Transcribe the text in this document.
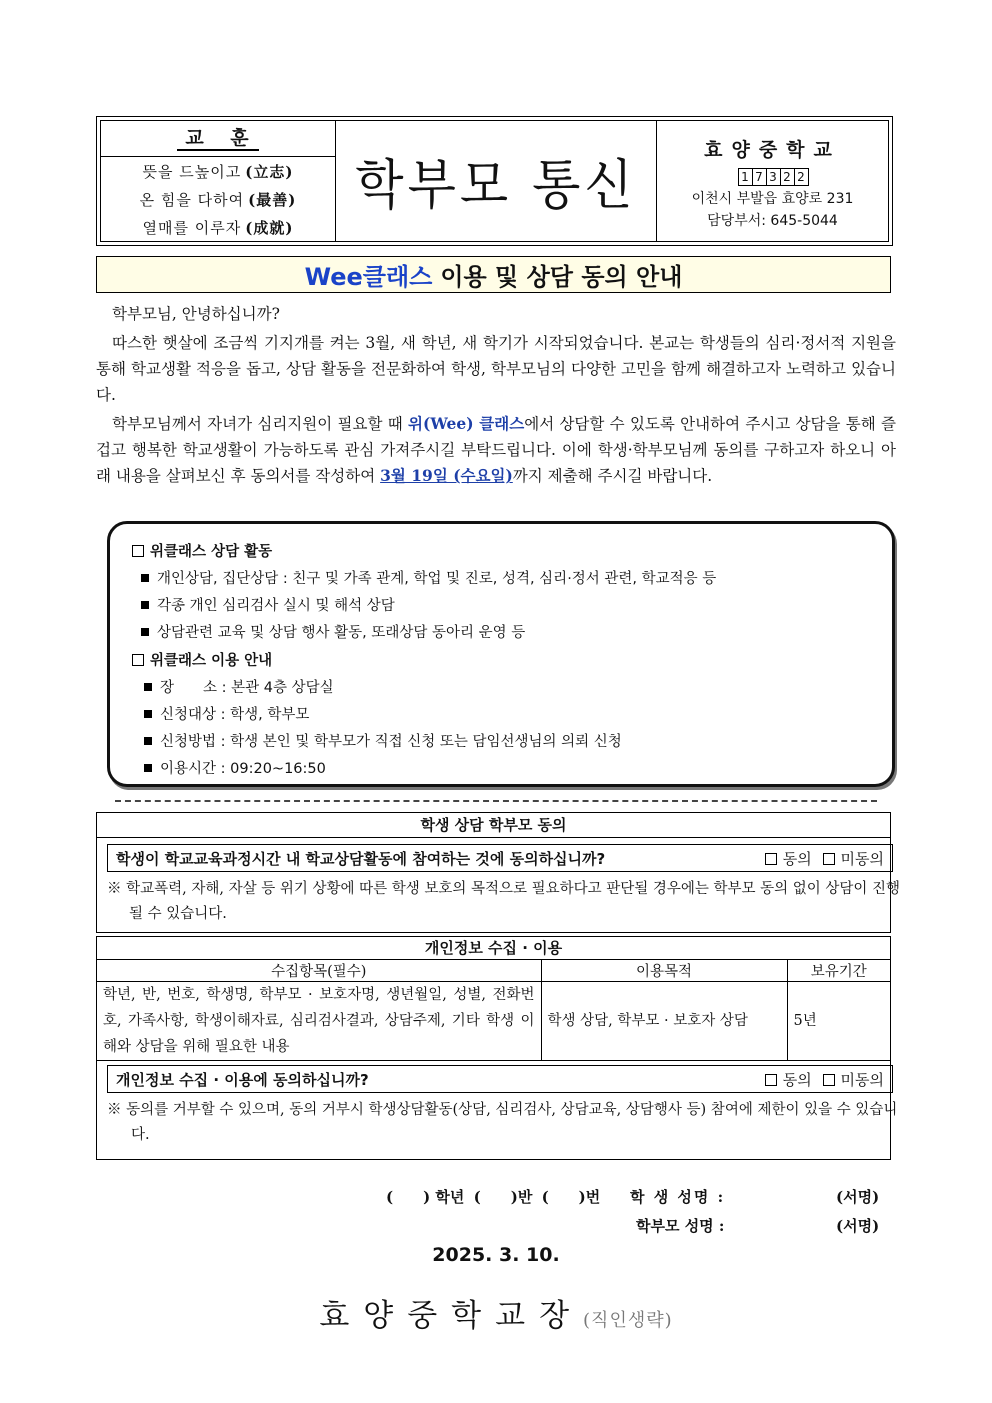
교 훈
뜻을 드높이고 (立志)
온 힘을 다하여 (最善)
열매를 이루자 (成就)
학부모 통신
효양중학교
1 7 3 2 2
이천시 부발읍 효양로 231
담당부서: 645-5044
Wee클래스 이용 및 상담 동의 안내
학부모님, 안녕하십니까?
따스한 햇살에 조금씩 기지개를 켜는 3월, 새 학년, 새 학기가 시작되었습니다. 본교는 학생들의 심리·정서적 지원을 통해 학교생활 적응을 돕고, 상담 활동을 전문화하여 학생, 학부모님의 다양한 고민을 함께 해결하고자 노력하고 있습니다.
학부모님께서 자녀가 심리지원이 필요할 때 위(Wee) 클래스에서 상담할 수 있도록 안내하여 주시고 상담을 통해 즐겁고 행복한 학교생활이 가능하도록 관심 가져주시길 부탁드립니다. 이에 학생·학부모님께 동의를 구하고자 하오니 아래 내용을 살펴보신 후 동의서를 작성하여 3월 19일 (수요일)까지 제출해 주시길 바랍니다.
위클래스 상담 활동
개인상담, 집단상담 : 친구 및 가족 관계, 학업 및 진로, 성격, 심리·정서 관련, 학교적응 등
각종 개인 심리검사 실시 및 해석 상담
상담관련 교육 및 상담 행사 활동, 또래상담 동아리 운영 등
위클래스 이용 안내
장　　소 : 본관 4층 상담실
신청대상 : 학생, 학부모
신청방법 : 학생 본인 및 학부모가 직접 신청 또는 담임선생님의 의뢰 신청
이용시간 : 09:20~16:50
학생 상담 학부모 동의
학생이 학교교육과정시간 내 학교상담활동에 참여하는 것에 동의하십니까?	동의 미동의
※ 학교폭력, 자해, 자살 등 위기 상황에 따른 학생 보호의 목적으로 필요하다고 판단될 경우에는 학부모 동의 없이 상담이 진행될 수 있습니다.
개인정보 수집 · 이용
수집항목(필수)	이용목적	보유기간
학년, 반, 번호, 학생명, 학부모 · 보호자명, 생년월일, 성별, 전화번호, 가족사항, 학생이해자료, 심리검사결과, 상담주제, 기타 학생 이해와 상담을 위해 필요한 내용	학생 상담, 학부모 · 보호자 상담	5년
개인정보 수집 · 이용에 동의하십니까?	동의 미동의
※ 동의를 거부할 수 있으며, 동의 거부시 학생상담활동(상담, 심리검사, 상담교육, 상담행사 등) 참여에 제한이 있을 수 있습니다.
(　　) 학년 (　　)반 (　　)번 학 생 성명 :	(서명)
학부모 성명 :	(서명)
2025. 3. 10.
효양중학교장(직인생략)
